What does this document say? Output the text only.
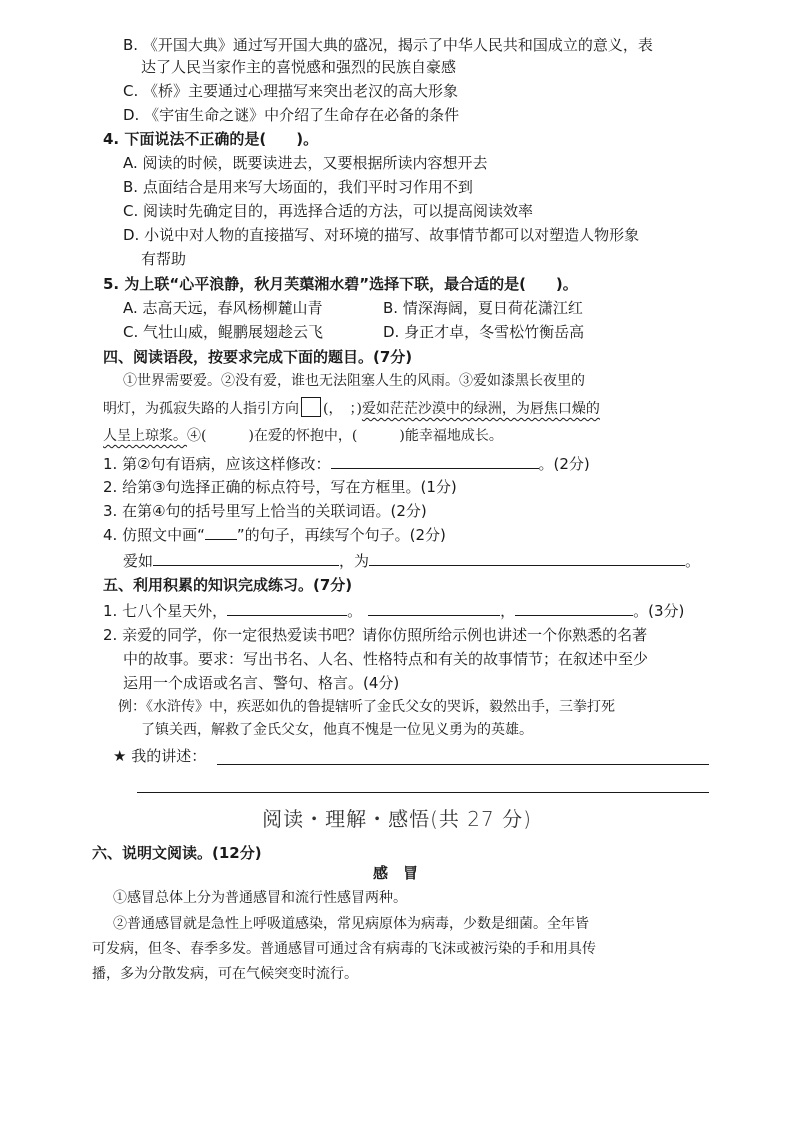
B. 《开国大典》通过写开国大典的盛况，揭示了中华人民共和国成立的意义，表
达了人民当家作主的喜悦感和强烈的民族自豪感
C. 《桥》主要通过心理描写来突出老汉的高大形象
D. 《宇宙生命之谜》中介绍了生命存在必备的条件
4. 下面说法不正确的是(　　)。
A. 阅读的时候，既要读进去，又要根据所读内容想开去
B. 点面结合是用来写大场面的，我们平时习作用不到
C. 阅读时先确定目的，再选择合适的方法，可以提高阅读效率
D. 小说中对人物的直接描写、对环境的描写、故事情节都可以对塑造人物形象
有帮助
5. 为上联“心平浪静，秋月芙蕖湘水碧”选择下联，最合适的是(　　)。
A. 志高天远，春风杨柳麓山青	B. 情深海阔，夏日荷花潇江红
C. 气壮山威，鲲鹏展翅趁云飞	D. 身正才卓，冬雪松竹衡岳高
四、阅读语段，按要求完成下面的题目。(7分)
①世界需要爱。②没有爱，谁也无法阻塞人生的风雨。③爱如漆黑长夜里的
明灯，为孤寂失路的人指引方向 (，　；)爱如茫茫沙漠中的绿洲，为唇焦口燥的
人呈上琼浆。④(　　　)在爱的怀抱中，(　　　)能幸福地成长。
1. 第②句有语病，应该这样修改：	。(2分)
2. 给第③句选择正确的标点符号，写在方框里。(1分)
3. 在第④句的括号里写上恰当的关联词语。(2分)
4. 仿照文中画“ ”的句子，再续写个句子。(2分)
爱如	，为	。
五、利用积累的知识完成练习。(7分)
1. 七八个星天外，	。	，	。(3分)
2. 亲爱的同学，你一定很热爱读书吧？请你仿照所给示例也讲述一个你熟悉的名著
中的故事。要求：写出书名、人名、性格特点和有关的故事情节；在叙述中至少
运用一个成语或名言、警句、格言。(4分)
例：《水浒传》中，疾恶如仇的鲁提辖听了金氏父女的哭诉，毅然出手，三拳打死
了镇关西，解救了金氏父女，他真不愧是一位见义勇为的英雄。
★ 我的讲述：
阅读・理解・感悟(共 27 分)
六、说明文阅读。(12分)
感　冒
①感冒总体上分为普通感冒和流行性感冒两种。
②普通感冒就是急性上呼吸道感染，常见病原体为病毒，少数是细菌。全年皆
可发病，但冬、春季多发。普通感冒可通过含有病毒的飞沫或被污染的手和用具传
播，多为分散发病，可在气候突变时流行。
